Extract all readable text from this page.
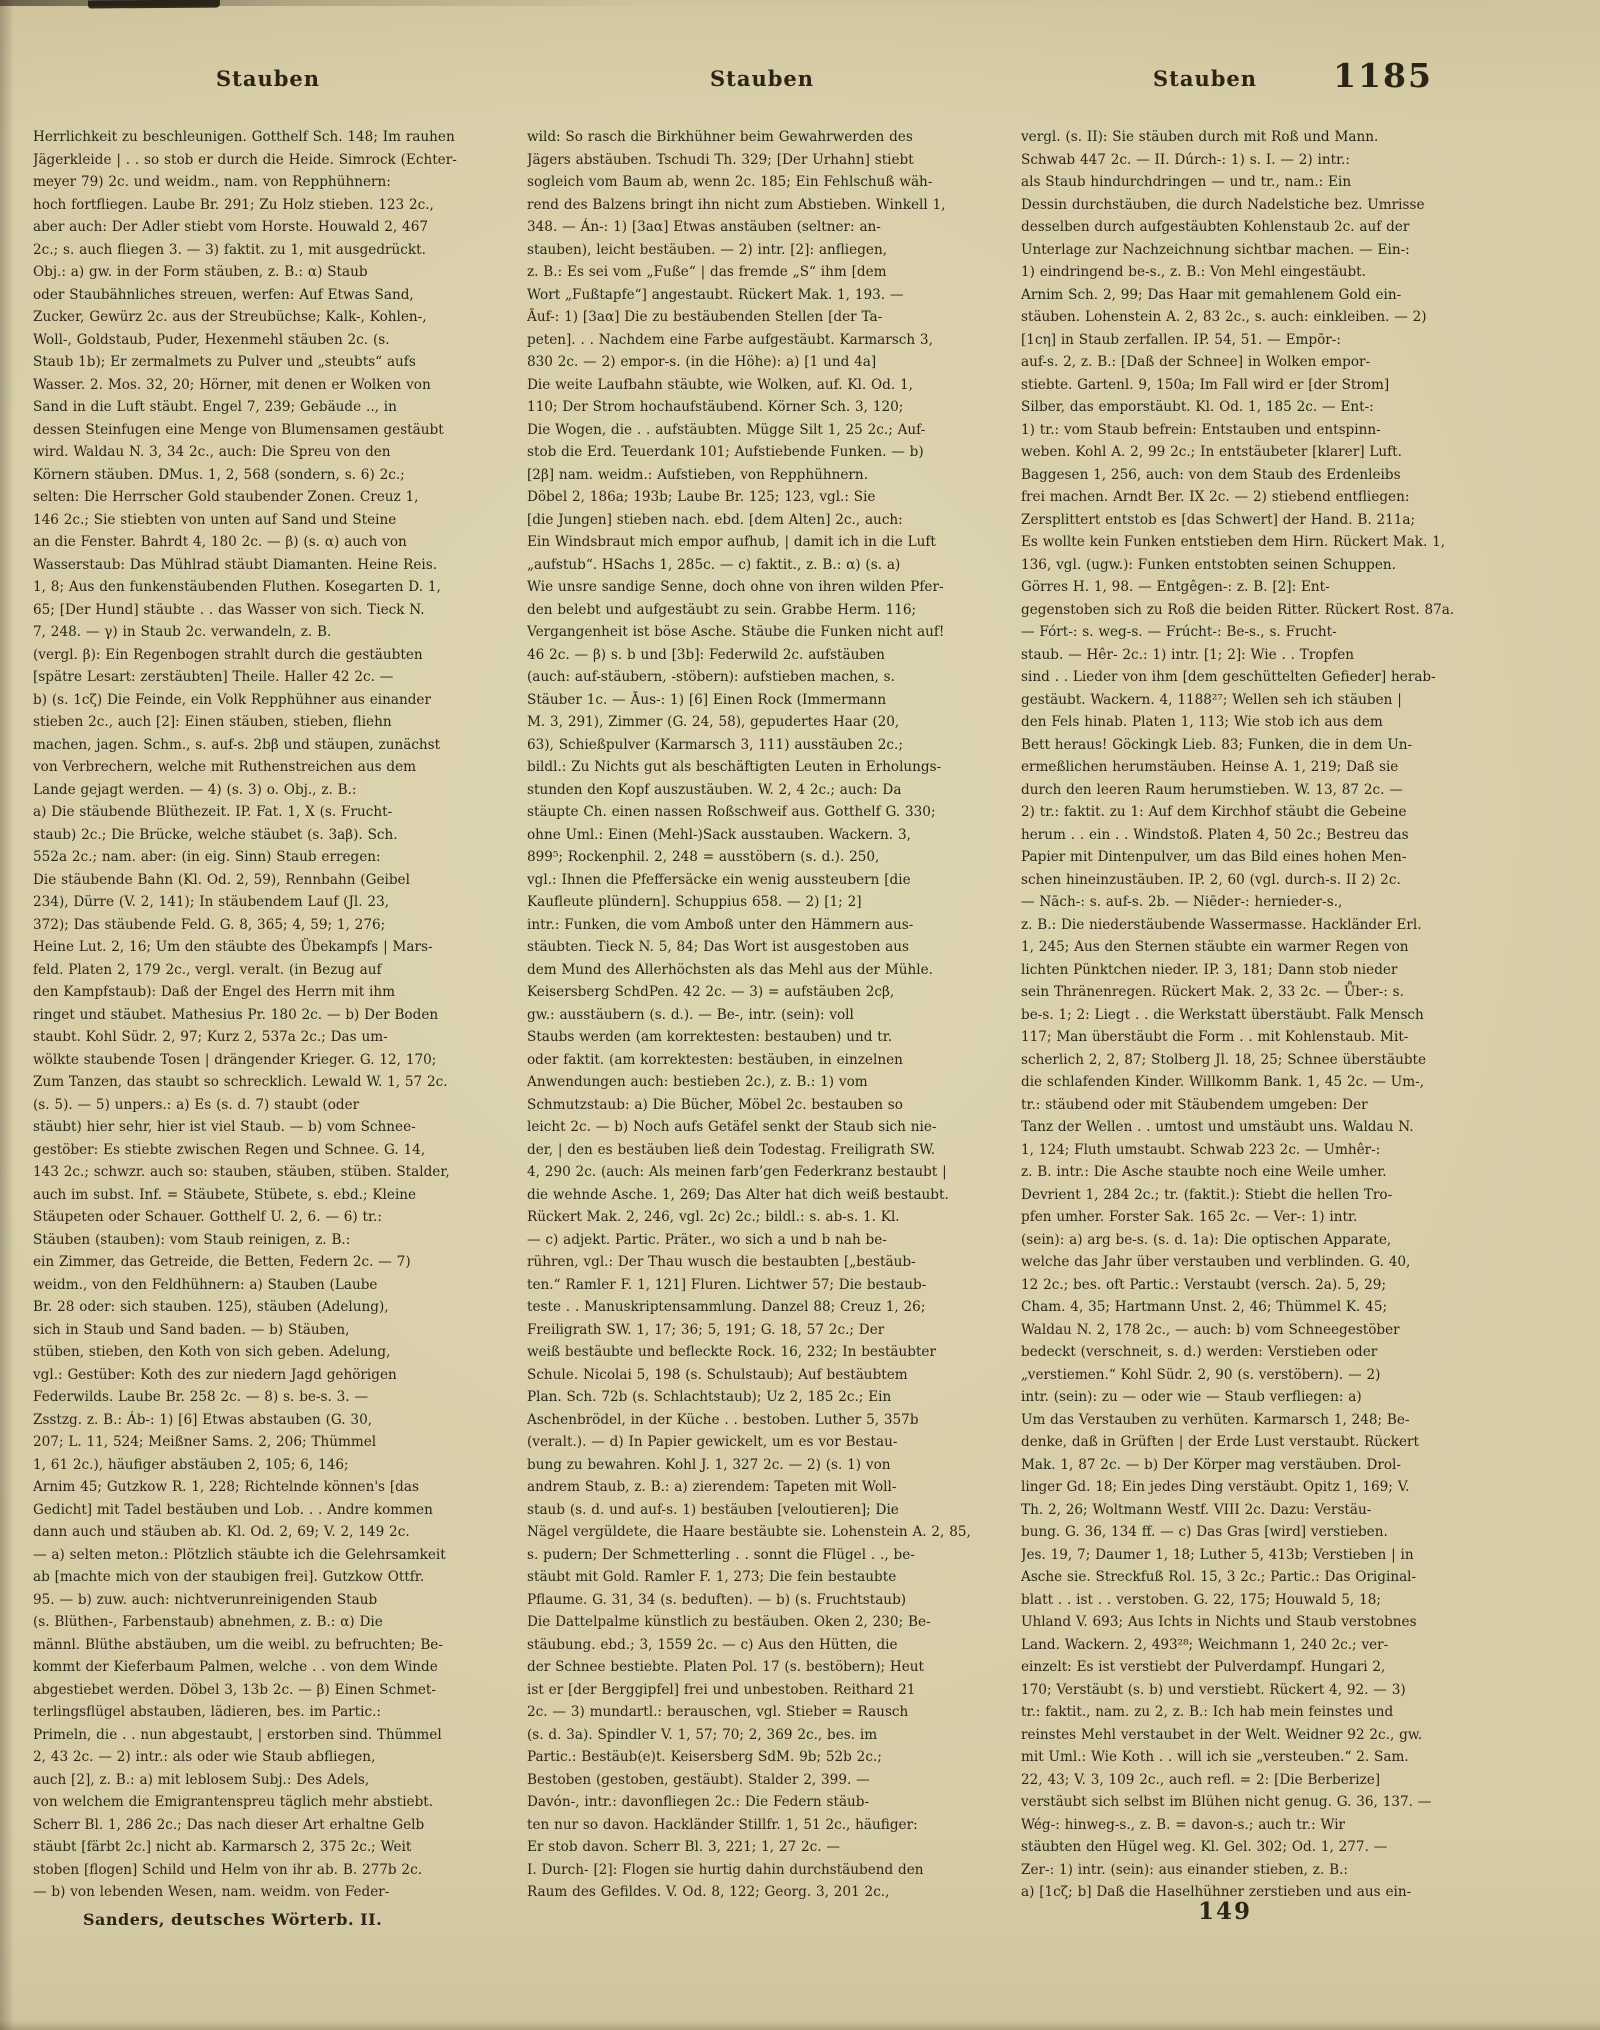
Stauben	Stauben	Stauben 1185
Herrlichkeit zu beschleunigen. Gotthelf Sch. 148; Im rauhen
Jägerkleide | . . so stob er durch die Heide. Simrock (Echter-
meyer 79) 2c. und weidm., nam. von Repphühnern:
hoch fortfliegen. Laube Br. 291; Zu Holz stieben. 123 2c.,
aber auch: Der Adler stiebt vom Horste. Houwald 2, 467
2c.; s. auch fliegen 3. — 3) faktit. zu 1, mit ausgedrückt.
Obj.: a) gw. in der Form stäuben, z. B.: α) Staub
oder Staubähnliches streuen, werfen: Auf Etwas Sand,
Zucker, Gewürz 2c. aus der Streubüchse; Kalk-, Kohlen-,
Woll-, Goldstaub, Puder, Hexenmehl stäuben 2c. (s.
Staub 1b); Er zermalmets zu Pulver und „steubts“ aufs
Wasser. 2. Mos. 32, 20; Hörner, mit denen er Wolken von
Sand in die Luft stäubt. Engel 7, 239; Gebäude .., in
dessen Steinfugen eine Menge von Blumensamen gestäubt
wird. Waldau N. 3, 34 2c., auch: Die Spreu von den
Körnern stäuben. DMus. 1, 2, 568 (sondern, s. 6) 2c.;
selten: Die Herrscher Gold staubender Zonen. Creuz 1,
146 2c.; Sie stiebten von unten auf Sand und Steine
an die Fenster. Bahrdt 4, 180 2c. — β) (s. α) auch von
Wasserstaub: Das Mühlrad stäubt Diamanten. Heine Reis.
1, 8; Aus den funkenstäubenden Fluthen. Kosegarten D. 1,
65; [Der Hund] stäubte . . das Wasser von sich. Tieck N.
7, 248. — γ) in Staub 2c. verwandeln, z. B.
(vergl. β): Ein Regenbogen strahlt durch die gestäubten
[spätre Lesart: zerstäubten] Theile. Haller 42 2c. —
b) (s. 1cζ) Die Feinde, ein Volk Repphühner aus einander
stieben 2c., auch [2]: Einen stäuben, stieben, fliehn
machen, jagen. Schm., s. auf-s. 2bβ und stäupen, zunächst
von Verbrechern, welche mit Ruthenstreichen aus dem
Lande gejagt werden. — 4) (s. 3) o. Obj., z. B.:
a) Die stäubende Blüthezeit. IP. Fat. 1, X (s. Frucht-
staub) 2c.; Die Brücke, welche stäubet (s. 3aβ). Sch.
552a 2c.; nam. aber: (in eig. Sinn) Staub erregen:
Die stäubende Bahn (Kl. Od. 2, 59), Rennbahn (Geibel
234), Dürre (V. 2, 141); In stäubendem Lauf (Jl. 23,
372); Das stäubende Feld. G. 8, 365; 4, 59; 1, 276;
Heine Lut. 2, 16; Um den stäubte des Übekampfs | Mars-
feld. Platen 2, 179 2c., vergl. veralt. (in Bezug auf
den Kampfstaub): Daß der Engel des Herrn mit ihm
ringet und stäubet. Mathesius Pr. 180 2c. — b) Der Boden
staubt. Kohl Südr. 2, 97; Kurz 2, 537a 2c.; Das um-
wölkte staubende Tosen | drängender Krieger. G. 12, 170;
Zum Tanzen, das staubt so schrecklich. Lewald W. 1, 57 2c.
(s. 5). — 5) unpers.: a) Es (s. d. 7) staubt (oder
stäubt) hier sehr, hier ist viel Staub. — b) vom Schnee-
gestöber: Es stiebte zwischen Regen und Schnee. G. 14,
143 2c.; schwzr. auch so: stauben, stäuben, stüben. Stalder,
auch im subst. Inf. = Stäubete, Stübete, s. ebd.; Kleine
Stäupeten oder Schauer. Gotthelf U. 2, 6. — 6) tr.:
Stäuben (stauben): vom Staub reinigen, z. B.:
ein Zimmer, das Getreide, die Betten, Federn 2c. — 7)
weidm., von den Feldhühnern: a) Stauben (Laube
Br. 28 oder: sich stauben. 125), stäuben (Adelung),
sich in Staub und Sand baden. — b) Stäuben,
stüben, stieben, den Koth von sich geben. Adelung,
vgl.: Gestüber: Koth des zur niedern Jagd gehörigen
Federwilds. Laube Br. 258 2c. — 8) s. be-s. 3. —
Zsstzg. z. B.: Áb-: 1) [6] Etwas abstauben (G. 30,
207; L. 11, 524; Meißner Sams. 2, 206; Thümmel
1, 61 2c.), häufiger abstäuben 2, 105; 6, 146;
Arnim 45; Gutzkow R. 1, 228; Richtelnde können's [das
Gedicht] mit Tadel bestäuben und Lob. . . Andre kommen
dann auch und stäuben ab. Kl. Od. 2, 69; V. 2, 149 2c.
— a) selten meton.: Plötzlich stäubte ich die Gelehrsamkeit
ab [machte mich von der staubigen frei]. Gutzkow Ottfr.
95. — b) zuw. auch: nichtverunreinigenden Staub
(s. Blüthen-, Farbenstaub) abnehmen, z. B.: α) Die
männl. Blüthe abstäuben, um die weibl. zu befruchten; Be-
kommt der Kieferbaum Palmen, welche . . von dem Winde
abgestiebet werden. Döbel 3, 13b 2c. — β) Einen Schmet-
terlingsflügel abstauben, lädieren, bes. im Partic.:
Primeln, die . . nun abgestaubt, | erstorben sind. Thümmel
2, 43 2c. — 2) intr.: als oder wie Staub abfliegen,
auch [2], z. B.: a) mit leblosem Subj.: Des Adels,
von welchem die Emigrantenspreu täglich mehr abstiebt.
Scherr Bl. 1, 286 2c.; Das nach dieser Art erhaltne Gelb
stäubt [färbt 2c.] nicht ab. Karmarsch 2, 375 2c.; Weit
stoben [flogen] Schild und Helm von ihr ab. B. 277b 2c.
— b) von lebenden Wesen, nam. weidm. von Feder-
wild: So rasch die Birkhühner beim Gewahrwerden des
Jägers abstäuben. Tschudi Th. 329; [Der Urhahn] stiebt
sogleich vom Baum ab, wenn 2c. 185; Ein Fehlschuß wäh-
rend des Balzens bringt ihn nicht zum Abstieben. Winkell 1,
348. — Án-: 1) [3aα] Etwas anstäuben (seltner: an-
stauben), leicht bestäuben. — 2) intr. [2]: anfliegen,
z. B.: Es sei vom „Fuße“ | das fremde „S“ ihm [dem
Wort „Fußtapfe“] angestaubt. Rückert Mak. 1, 193. —
Āuf-: 1) [3aα] Die zu bestäubenden Stellen [der Ta-
peten]. . . Nachdem eine Farbe aufgestäubt. Karmarsch 3,
830 2c. — 2) empor-s. (in die Höhe): a) [1 und 4a]
Die weite Laufbahn stäubte, wie Wolken, auf. Kl. Od. 1,
110; Der Strom hochaufstäubend. Körner Sch. 3, 120;
Die Wogen, die . . aufstäubten. Mügge Silt 1, 25 2c.; Auf-
stob die Erd. Teuerdank 101; Aufstiebende Funken. — b)
[2β] nam. weidm.: Aufstieben, von Repphühnern.
Döbel 2, 186a; 193b; Laube Br. 125; 123, vgl.: Sie
[die Jungen] stieben nach. ebd. [dem Alten] 2c., auch:
Ein Windsbraut mich empor aufhub, | damit ich in die Luft
„aufstub“. HSachs 1, 285c. — c) faktit., z. B.: α) (s. a)
Wie unsre sandige Senne, doch ohne von ihren wilden Pfer-
den belebt und aufgestäubt zu sein. Grabbe Herm. 116;
Vergangenheit ist böse Asche. Stäube die Funken nicht auf!
46 2c. — β) s. b und [3b]: Federwild 2c. aufstäuben
(auch: auf-stäubern, -stöbern): aufstieben machen, s.
Stäuber 1c. — Āus-: 1) [6] Einen Rock (Immermann
M. 3, 291), Zimmer (G. 24, 58), gepudertes Haar (20,
63), Schießpulver (Karmarsch 3, 111) ausstäuben 2c.;
bildl.: Zu Nichts gut als beschäftigten Leuten in Erholungs-
stunden den Kopf auszustäuben. W. 2, 4 2c.; auch: Da
stäupte Ch. einen nassen Roßschweif aus. Gotthelf G. 330;
ohne Uml.: Einen (Mehl-)Sack ausstauben. Wackern. 3,
899⁵; Rockenphil. 2, 248 = ausstöbern (s. d.). 250,
vgl.: Ihnen die Pfeffersäcke ein wenig aussteubern [die
Kaufleute plündern]. Schuppius 658. — 2) [1; 2]
intr.: Funken, die vom Amboß unter den Hämmern aus-
stäubten. Tieck N. 5, 84; Das Wort ist ausgestoben aus
dem Mund des Allerhöchsten als das Mehl aus der Mühle.
Keisersberg SchdPen. 42 2c. — 3) = aufstäuben 2cβ,
gw.: ausstäubern (s. d.). — Be-, intr. (sein): voll
Staubs werden (am korrektesten: bestauben) und tr.
oder faktit. (am korrektesten: bestäuben, in einzelnen
Anwendungen auch: bestieben 2c.), z. B.: 1) vom
Schmutzstaub: a) Die Bücher, Möbel 2c. bestauben so
leicht 2c. — b) Noch aufs Getäfel senkt der Staub sich nie-
der, | den es bestäuben ließ dein Todestag. Freiligrath SW.
4, 290 2c. (auch: Als meinen farb’gen Federkranz bestaubt |
die wehnde Asche. 1, 269; Das Alter hat dich weiß bestaubt.
Rückert Mak. 2, 246, vgl. 2c) 2c.; bildl.: s. ab-s. 1. Kl.
— c) adjekt. Partic. Präter., wo sich a und b nah be-
rühren, vgl.: Der Thau wusch die bestaubten [„bestäub-
ten.“ Ramler F. 1, 121] Fluren. Lichtwer 57; Die bestaub-
teste . . Manuskriptensammlung. Danzel 88; Creuz 1, 26;
Freiligrath SW. 1, 17; 36; 5, 191; G. 18, 57 2c.; Der
weiß bestäubte und befleckte Rock. 16, 232; In bestäubter
Schule. Nicolai 5, 198 (s. Schulstaub); Auf bestäubtem
Plan. Sch. 72b (s. Schlachtstaub); Uz 2, 185 2c.; Ein
Aschenbrödel, in der Küche . . bestoben. Luther 5, 357b
(veralt.). — d) In Papier gewickelt, um es vor Bestau-
bung zu bewahren. Kohl J. 1, 327 2c. — 2) (s. 1) von
andrem Staub, z. B.: a) zierendem: Tapeten mit Woll-
staub (s. d. und auf-s. 1) bestäuben [veloutieren]; Die
Nägel vergüldete, die Haare bestäubte sie. Lohenstein A. 2, 85,
s. pudern; Der Schmetterling . . sonnt die Flügel . ., be-
stäubt mit Gold. Ramler F. 1, 273; Die fein bestaubte
Pflaume. G. 31, 34 (s. beduften). — b) (s. Fruchtstaub)
Die Dattelpalme künstlich zu bestäuben. Oken 2, 230; Be-
stäubung. ebd.; 3, 1559 2c. — c) Aus den Hütten, die
der Schnee bestiebte. Platen Pol. 17 (s. bestöbern); Heut
ist er [der Berggipfel] frei und unbestoben. Reithard 21
2c. — 3) mundartl.: berauschen, vgl. Stieber = Rausch
(s. d. 3a). Spindler V. 1, 57; 70; 2, 369 2c., bes. im
Partic.: Bestäub(e)t. Keisersberg SdM. 9b; 52b 2c.;
Bestoben (gestoben, gestäubt). Stalder 2, 399. —
Davón-, intr.: davonfliegen 2c.: Die Federn stäub-
ten nur so davon. Hackländer Stillfr. 1, 51 2c., häufiger:
Er stob davon. Scherr Bl. 3, 221; 1, 27 2c. —
I. Durch- [2]: Flogen sie hurtig dahin durchstäubend den
Raum des Gefildes. V. Od. 8, 122; Georg. 3, 201 2c.,
vergl. (s. II): Sie stäuben durch mit Roß und Mann.
Schwab 447 2c. — II. Dúrch-: 1) s. I. — 2) intr.:
als Staub hindurchdringen — und tr., nam.: Ein
Dessin durchstäuben, die durch Nadelstiche bez. Umrisse
desselben durch aufgestäubten Kohlenstaub 2c. auf der
Unterlage zur Nachzeichnung sichtbar machen. — Ein-:
1) eindringend be-s., z. B.: Von Mehl eingestäubt.
Arnim Sch. 2, 99; Das Haar mit gemahlenem Gold ein-
stäuben. Lohenstein A. 2, 83 2c., s. auch: einkleiben. — 2)
[1cη] in Staub zerfallen. IP. 54, 51. — Empōr-:
auf-s. 2, z. B.: [Daß der Schnee] in Wolken empor-
stiebte. Gartenl. 9, 150a; Im Fall wird er [der Strom]
Silber, das emporstäubt. Kl. Od. 1, 185 2c. — Ent-:
1) tr.: vom Staub befrein: Entstauben und entspinn-
weben. Kohl A. 2, 99 2c.; In entstäubeter [klarer] Luft.
Baggesen 1, 256, auch: von dem Staub des Erdenleibs
frei machen. Arndt Ber. IX 2c. — 2) stiebend entfliegen:
Zersplittert entstob es [das Schwert] der Hand. B. 211a;
Es wollte kein Funken entstieben dem Hirn. Rückert Mak. 1,
136, vgl. (ugw.): Funken entstobten seinen Schuppen.
Görres H. 1, 98. — Entgêgen-: z. B. [2]: Ent-
gegenstoben sich zu Roß die beiden Ritter. Rückert Rost. 87a.
— Fórt-: s. weg-s. — Frúcht-: Be-s., s. Frucht-
staub. — Hêr- 2c.: 1) intr. [1; 2]: Wie . . Tropfen
sind . . Lieder von ihm [dem geschüttelten Gefieder] herab-
gestäubt. Wackern. 4, 1188²⁷; Wellen seh ich stäuben |
den Fels hinab. Platen 1, 113; Wie stob ich aus dem
Bett heraus! Göckingk Lieb. 83; Funken, die in dem Un-
ermeßlichen herumstäuben. Heinse A. 1, 219; Daß sie
durch den leeren Raum herumstieben. W. 13, 87 2c. —
2) tr.: faktit. zu 1: Auf dem Kirchhof stäubt die Gebeine
herum . . ein . . Windstoß. Platen 4, 50 2c.; Bestreu das
Papier mit Dintenpulver, um das Bild eines hohen Men-
schen hineinzustäuben. IP. 2, 60 (vgl. durch-s. II 2) 2c.
— Nāch-: s. auf-s. 2b. — Niēder-: hernieder-s.,
z. B.: Die niederstäubende Wassermasse. Hackländer Erl.
1, 245; Aus den Sternen stäubte ein warmer Regen von
lichten Pünktchen nieder. IP. 3, 181; Dann stob nieder
sein Thränenregen. Rückert Mak. 2, 33 2c. — Ǖber-: s.
be-s. 1; 2: Liegt . . die Werkstatt überstäubt. Falk Mensch
117; Man überstäubt die Form . . mit Kohlenstaub. Mit-
scherlich 2, 2, 87; Stolberg Jl. 18, 25; Schnee überstäubte
die schlafenden Kinder. Willkomm Bank. 1, 45 2c. — Um-,
tr.: stäubend oder mit Stäubendem umgeben: Der
Tanz der Wellen . . umtost und umstäubt uns. Waldau N.
1, 124; Fluth umstaubt. Schwab 223 2c. — Umhêr-:
z. B. intr.: Die Asche staubte noch eine Weile umher.
Devrient 1, 284 2c.; tr. (faktit.): Stiebt die hellen Tro-
pfen umher. Forster Sak. 165 2c. — Ver-: 1) intr.
(sein): a) arg be-s. (s. d. 1a): Die optischen Apparate,
welche das Jahr über verstauben und verblinden. G. 40,
12 2c.; bes. oft Partic.: Verstaubt (versch. 2a). 5, 29;
Cham. 4, 35; Hartmann Unst. 2, 46; Thümmel K. 45;
Waldau N. 2, 178 2c., — auch: b) vom Schneegestöber
bedeckt (verschneit, s. d.) werden: Verstieben oder
„verstiemen.“ Kohl Südr. 2, 90 (s. verstöbern). — 2)
intr. (sein): zu — oder wie — Staub verfliegen: a)
Um das Verstauben zu verhüten. Karmarsch 1, 248; Be-
denke, daß in Grüften | der Erde Lust verstaubt. Rückert
Mak. 1, 87 2c. — b) Der Körper mag verstäuben. Drol-
linger Gd. 18; Ein jedes Ding verstäubt. Opitz 1, 169; V.
Th. 2, 26; Woltmann Westf. VIII 2c. Dazu: Verstäu-
bung. G. 36, 134 ff. — c) Das Gras [wird] verstieben.
Jes. 19, 7; Daumer 1, 18; Luther 5, 413b; Verstieben | in
Asche sie. Streckfuß Rol. 15, 3 2c.; Partic.: Das Original-
blatt . . ist . . verstoben. G. 22, 175; Houwald 5, 18;
Uhland V. 693; Aus Ichts in Nichts und Staub verstobnes
Land. Wackern. 2, 493²⁸; Weichmann 1, 240 2c.; ver-
einzelt: Es ist verstiebt der Pulverdampf. Hungari 2,
170; Verstäubt (s. b) und verstiebt. Rückert 4, 92. — 3)
tr.: faktit., nam. zu 2, z. B.: Ich hab mein feinstes und
reinstes Mehl verstaubet in der Welt. Weidner 92 2c., gw.
mit Uml.: Wie Koth . . will ich sie „versteuben.“ 2. Sam.
22, 43; V. 3, 109 2c., auch refl. = 2: [Die Berberize]
verstäubt sich selbst im Blühen nicht genug. G. 36, 137. —
Wég-: hinweg-s., z. B. = davon-s.; auch tr.: Wir
stäubten den Hügel weg. Kl. Gel. 302; Od. 1, 277. —
Zer-: 1) intr. (sein): aus einander stieben, z. B.:
a) [1cζ; b] Daß die Haselhühner zerstieben und aus ein-
Sanders, deutsches Wörterb. II.	149
